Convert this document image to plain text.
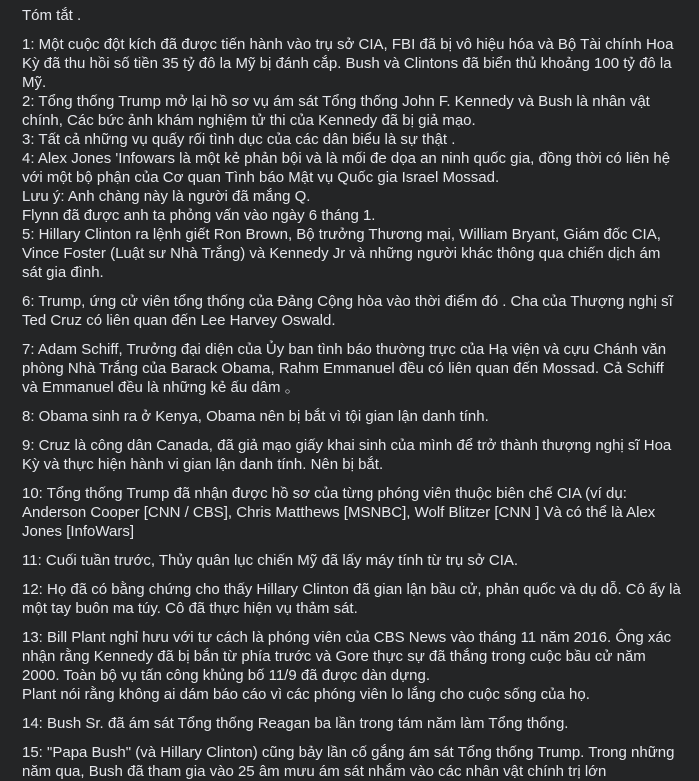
Tóm tắt .
1: Một cuộc đột kích đã được tiến hành vào trụ sở CIA, FBI đã bị vô hiệu hóa và Bộ Tài chính Hoa Kỳ đã thu hồi số tiền 35 tỷ đô la Mỹ bị đánh cắp. Bush và Clintons đã biển thủ khoảng 100 tỷ đô la Mỹ.
2: Tổng thống Trump mở lại hồ sơ vụ ám sát Tổng thống John F. Kennedy và Bush là nhân vật chính, Các bức ảnh khám nghiệm tử thi của Kennedy đã bị giả mạo.
3: Tất cả những vụ quấy rối tình dục của các dân biểu là sự thật .
4: Alex Jones 'Infowars là một kẻ phản bội và là mối đe dọa an ninh quốc gia, đồng thời có liên hệ với một bộ phận của Cơ quan Tình báo Mật vụ Quốc gia Israel Mossad.
Lưu ý: Anh chàng này là người đã mắng Q.
Flynn đã được anh ta phỏng vấn vào ngày 6 tháng 1.
5: Hillary Clinton ra lệnh giết Ron Brown, Bộ trưởng Thương mại, William Bryant, Giám đốc CIA, Vince Foster (Luật sư Nhà Trắng) và Kennedy Jr và những người khác thông qua chiến dịch ám sát gia đình.
6: Trump, ứng cử viên tổng thống của Đảng Cộng hòa vào thời điểm đó . Cha của Thượng nghị sĩ Ted Cruz có liên quan đến Lee Harvey Oswald.
7: Adam Schiff, Trưởng đại diện của Ủy ban tình báo thường trực của Hạ viện và cựu Chánh văn phòng Nhà Trắng của Barack Obama, Rahm Emmanuel đều có liên quan đến Mossad. Cả Schiff và Emmanuel đều là những kẻ ấu dâm 。
8: Obama sinh ra ở Kenya, Obama nên bị bắt vì tội gian lận danh tính.
9: Cruz là công dân Canada, đã giả mạo giấy khai sinh của mình để trở thành thượng nghị sĩ Hoa Kỳ và thực hiện hành vi gian lận danh tính. Nên bị bắt.
10: Tổng thống Trump đã nhận được hồ sơ của từng phóng viên thuộc biên chế CIA (ví dụ: Anderson Cooper [CNN / CBS], Chris Matthews [MSNBC], Wolf Blitzer [CNN ] Và có thể là Alex Jones [InfoWars]
11: Cuối tuần trước, Thủy quân lục chiến Mỹ đã lấy máy tính từ trụ sở CIA.
12: Họ đã có bằng chứng cho thấy Hillary Clinton đã gian lận bầu cử, phản quốc và dụ dỗ. Cô ấy là một tay buôn ma túy. Cô đã thực hiện vụ thảm sát.
13: Bill Plant nghỉ hưu với tư cách là phóng viên của CBS News vào tháng 11 năm 2016. Ông xác nhận rằng Kennedy đã bị bắn từ phía trước và Gore thực sự đã thắng trong cuộc bầu cử năm 2000. Toàn bộ vụ tấn công khủng bố 11/9 đã được dàn dựng.
Plant nói rằng không ai dám báo cáo vì các phóng viên lo lắng cho cuộc sống của họ.
14: Bush Sr. đã ám sát Tổng thống Reagan ba lần trong tám năm làm Tổng thống.
15: "Papa Bush" (và Hillary Clinton) cũng bảy lần cố gắng ám sát Tổng thống Trump. Trong những năm qua, Bush đã tham gia vào 25 âm mưu ám sát nhắm vào các nhân vật chính trị lớn
